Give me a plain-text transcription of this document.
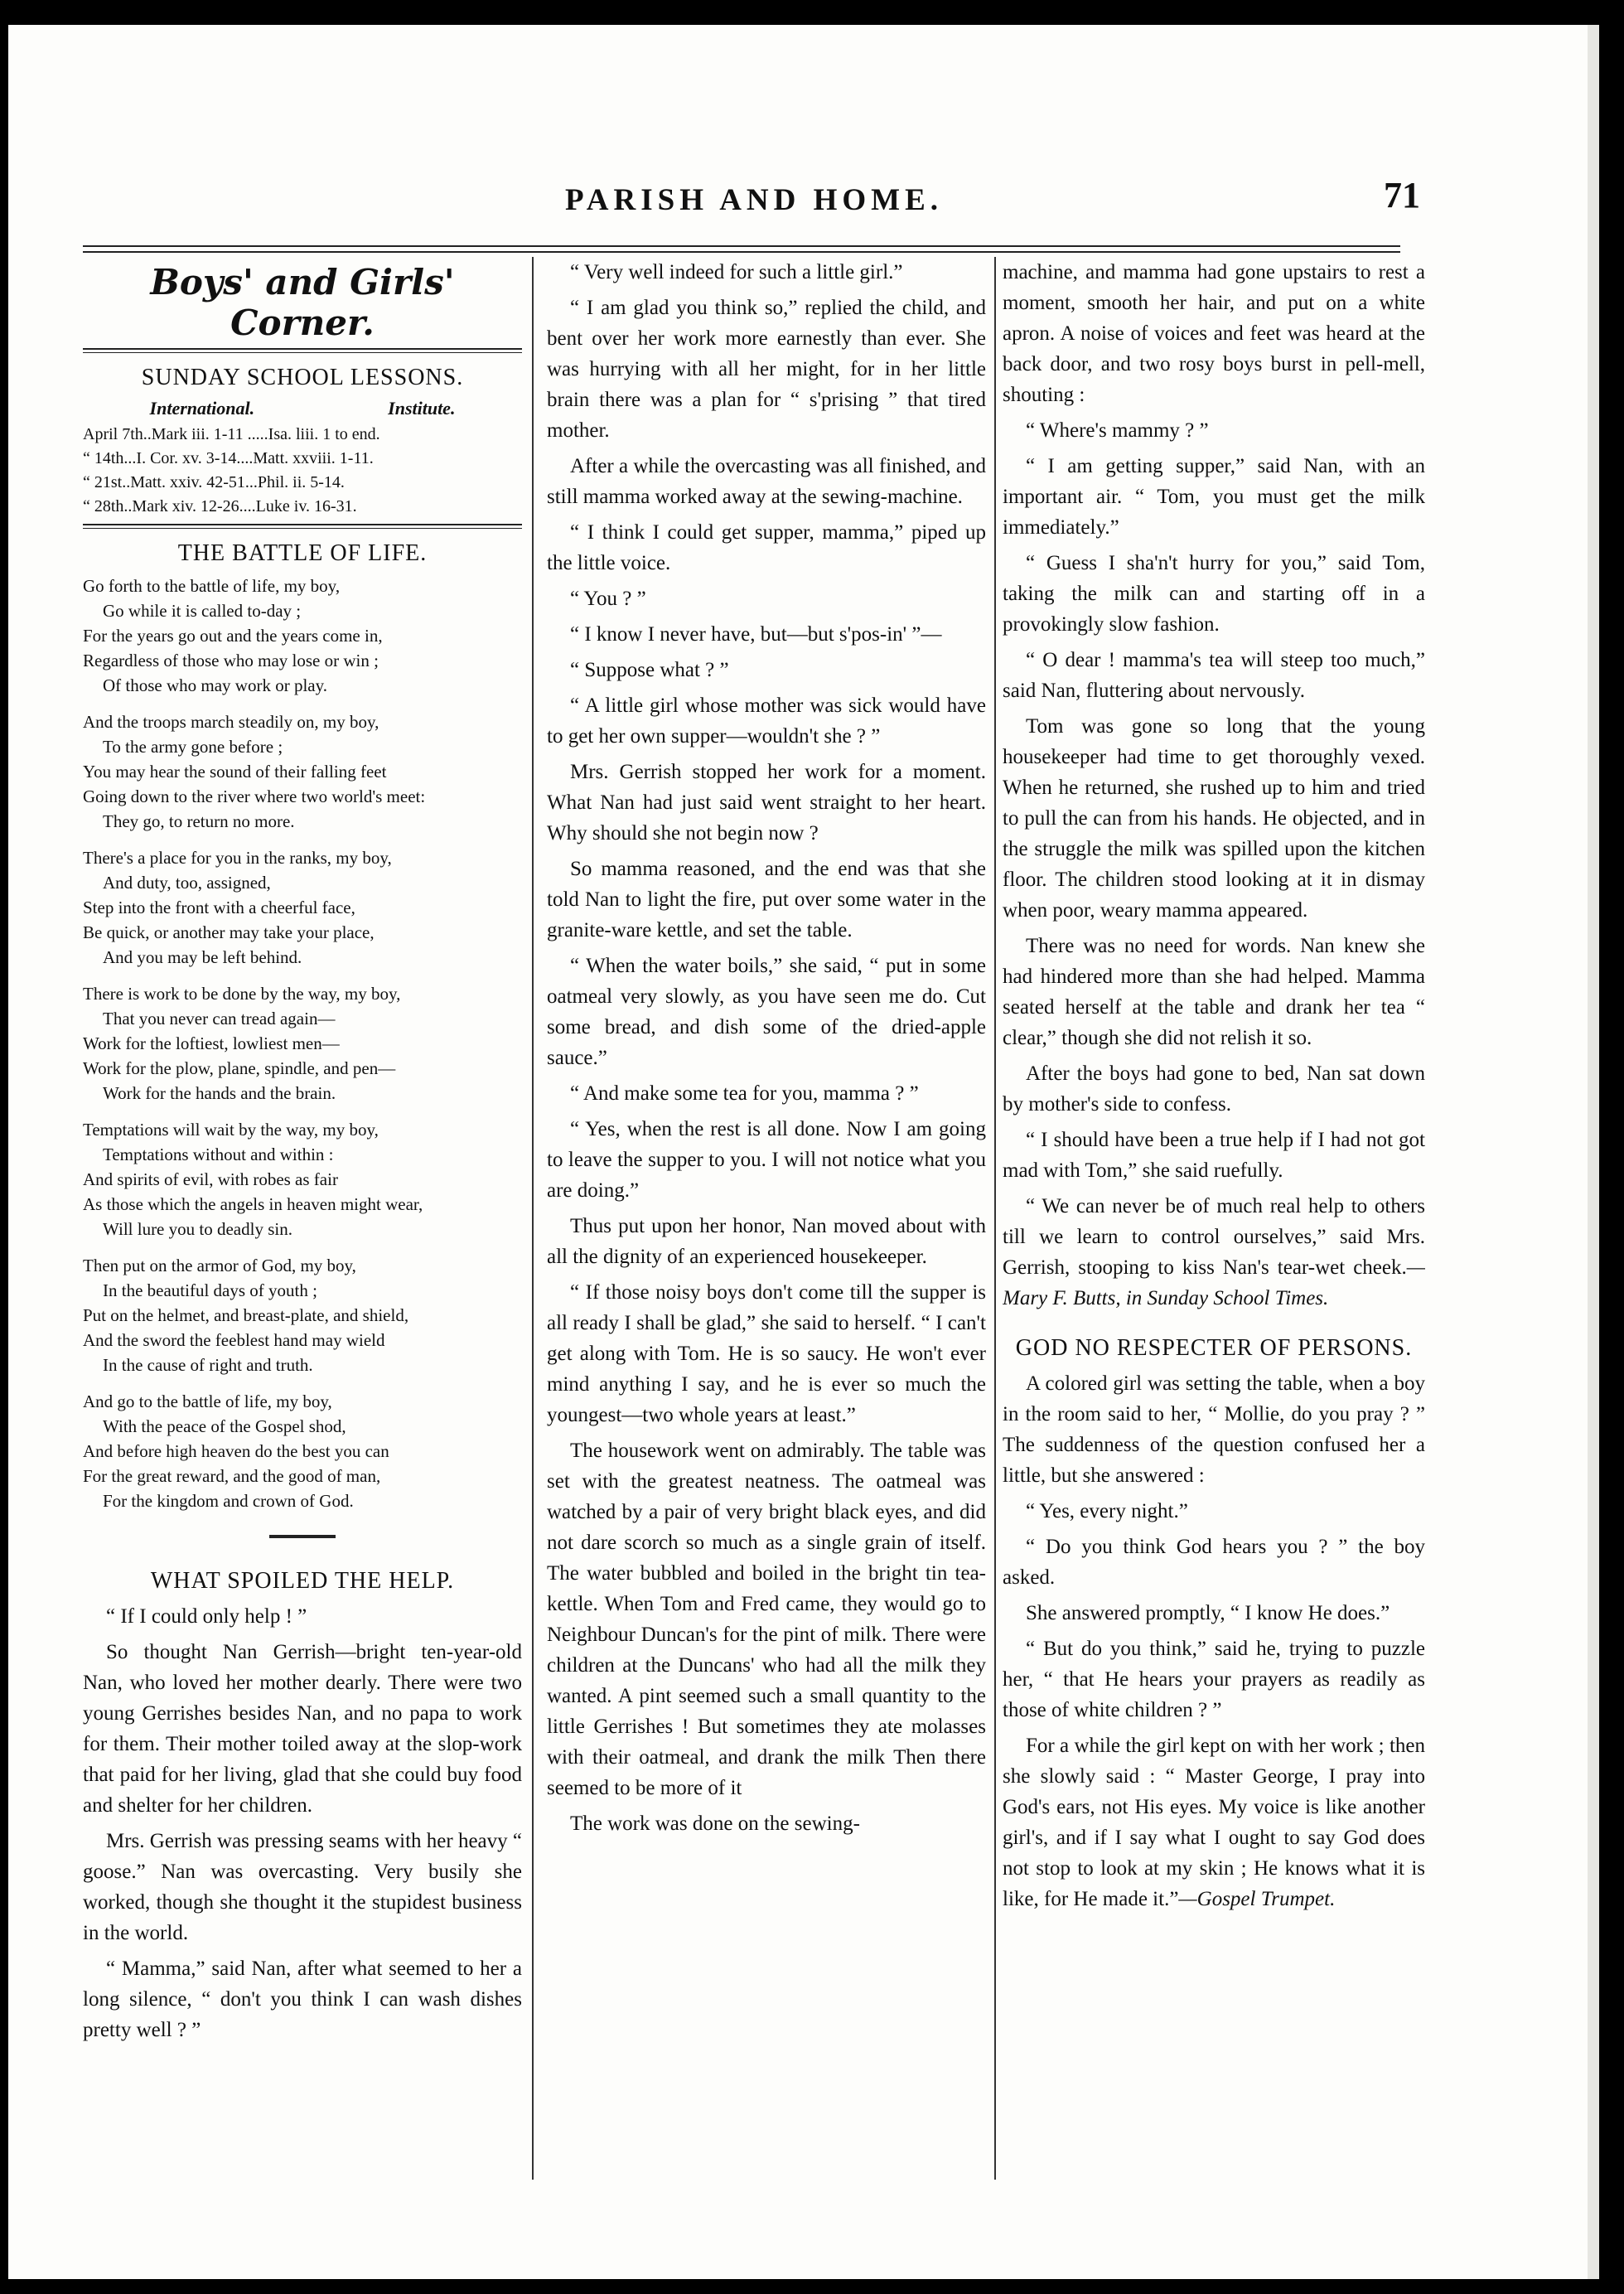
PARISH AND HOME.	71
Boys' and Girls' Corner.
SUNDAY SCHOOL LESSONS.
International.	Institute.
April 7th..Mark iii. 1-11 .....Isa. liii. 1 to end.
“ 14th...I. Cor. xv. 3-14....Matt. xxviii. 1-11.
“ 21st..Matt. xxiv. 42-51...Phil. ii. 5-14.
“ 28th..Mark xiv. 12-26....Luke iv. 16-31.
THE BATTLE OF LIFE.
Go forth to the battle of life, my boy,
Go while it is called to-day ;
For the years go out and the years come in,
Regardless of those who may lose or win ;
Of those who may work or play.
And the troops march steadily on, my boy,
To the army gone before ;
You may hear the sound of their falling feet
Going down to the river where two world's meet:
They go, to return no more.
There's a place for you in the ranks, my boy,
And duty, too, assigned,
Step into the front with a cheerful face,
Be quick, or another may take your place,
And you may be left behind.
There is work to be done by the way, my boy,
That you never can tread again—
Work for the loftiest, lowliest men—
Work for the plow, plane, spindle, and pen—
Work for the hands and the brain.
Temptations will wait by the way, my boy,
Temptations without and within :
And spirits of evil, with robes as fair
As those which the angels in heaven might wear,
Will lure you to deadly sin.
Then put on the armor of God, my boy,
In the beautiful days of youth ;
Put on the helmet, and breast-plate, and shield,
And the sword the feeblest hand may wield
In the cause of right and truth.
And go to the battle of life, my boy,
With the peace of the Gospel shod,
And before high heaven do the best you can
For the great reward, and the good of man,
For the kingdom and crown of God.
WHAT SPOILED THE HELP.

“ If I could only help ! ”

So thought Nan Gerrish—bright ten-year-old Nan, who loved her mother dearly. There were two young Gerrishes besides Nan, and no papa to work for them. Their mother toiled away at the slop-work that paid for her living, glad that she could buy food and shelter for her children.

Mrs. Gerrish was pressing seams with her heavy “ goose.” Nan was overcasting. Very busily she worked, though she thought it the stupidest business in the world.

“ Mamma,” said Nan, after what seemed to her a long silence, “ don't you think I can wash dishes pretty well ? ”

“ Very well indeed for such a little girl.”

“ I am glad you think so,” replied the child, and bent over her work more earnestly than ever. She was hurrying with all her might, for in her little brain there was a plan for “ s'prising ” that tired mother.

After a while the overcasting was all finished, and still mamma worked away at the sewing-machine.

“ I think I could get supper, mamma,” piped up the little voice.

“ You ? ”

“ I know I never have, but—but s'pos-in' ”—

“ Suppose what ? ”

“ A little girl whose mother was sick would have to get her own supper—wouldn't she ? ”

Mrs. Gerrish stopped her work for a moment. What Nan had just said went straight to her heart. Why should she not begin now ?

So mamma reasoned, and the end was that she told Nan to light the fire, put over some water in the granite-ware kettle, and set the table.

“ When the water boils,” she said, “ put in some oatmeal very slowly, as you have seen me do. Cut some bread, and dish some of the dried-apple sauce.”

“ And make some tea for you, mamma ? ”

“ Yes, when the rest is all done. Now I am going to leave the supper to you. I will not notice what you are doing.”

Thus put upon her honor, Nan moved about with all the dignity of an experienced housekeeper.

“ If those noisy boys don't come till the supper is all ready I shall be glad,” she said to herself. “ I can't get along with Tom. He is so saucy. He won't ever mind anything I say, and he is ever so much the youngest—two whole years at least.”

The housework went on admirably. The table was set with the greatest neatness. The oatmeal was watched by a pair of very bright black eyes, and did not dare scorch so much as a single grain of itself. The water bubbled and boiled in the bright tin tea-kettle. When Tom and Fred came, they would go to Neighbour Duncan's for the pint of milk. There were children at the Duncans' who had all the milk they wanted. A pint seemed such a small quantity to the little Gerrishes ! But sometimes they ate molasses with their oatmeal, and drank the milk Then there seemed to be more of it

The work was done on the sewing-

machine, and mamma had gone upstairs to rest a moment, smooth her hair, and put on a white apron. A noise of voices and feet was heard at the back door, and two rosy boys burst in pell-mell, shouting :

“ Where's mammy ? ”

“ I am getting supper,” said Nan, with an important air. “ Tom, you must get the milk immediately.”

“ Guess I sha'n't hurry for you,” said Tom, taking the milk can and starting off in a provokingly slow fashion.

“ O dear ! mamma's tea will steep too much,” said Nan, fluttering about nervously.

Tom was gone so long that the young housekeeper had time to get thoroughly vexed. When he returned, she rushed up to him and tried to pull the can from his hands. He objected, and in the struggle the milk was spilled upon the kitchen floor. The children stood looking at it in dismay when poor, weary mamma appeared.

There was no need for words. Nan knew she had hindered more than she had helped. Mamma seated herself at the table and drank her tea “ clear,” though she did not relish it so.

After the boys had gone to bed, Nan sat down by mother's side to confess.

“ I should have been a true help if I had not got mad with Tom,” she said ruefully.

“ We can never be of much real help to others till we learn to control ourselves,” said Mrs. Gerrish, stooping to kiss Nan's tear-wet cheek.—Mary F. Butts, in Sunday School Times.

GOD NO RESPECTER OF PERSONS.

A colored girl was setting the table, when a boy in the room said to her, “ Mollie, do you pray ? ” The suddenness of the question confused her a little, but she answered :

“ Yes, every night.”

“ Do you think God hears you ? ” the boy asked.

She answered promptly, “ I know He does.”

“ But do you think,” said he, trying to puzzle her, “ that He hears your prayers as readily as those of white children ? ”

For a while the girl kept on with her work ; then she slowly said : “ Master George, I pray into God's ears, not His eyes. My voice is like another girl's, and if I say what I ought to say God does not stop to look at my skin ; He knows what it is like, for He made it.”—Gospel Trumpet.
